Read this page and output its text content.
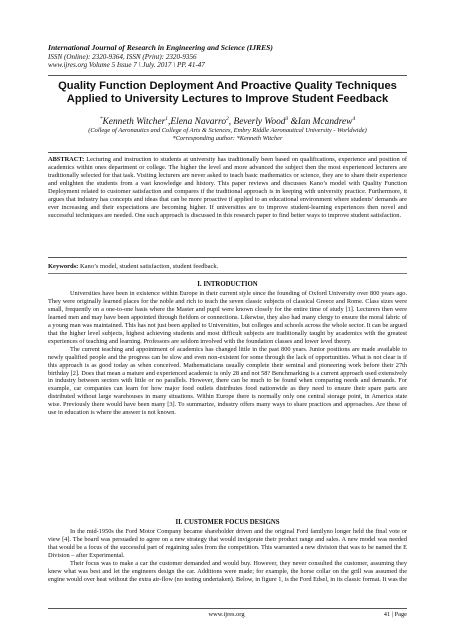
International Journal of Research in Engineering and Science (IJRES)
ISSN (Online): 2320-9364, ISSN (Print): 2320-9356
www.ijres.org Volume 5 Issue 7 \ July. 2017 \ PP. 41-47
Quality Function Deployment And Proactive Quality Techniques Applied to University Lectures to Improve Student Feedback
*Kenneth Witcher$^1$,Elena Navarro$^2$, Beverly Wood$^3$ &Ian Mcandrew$^4$
(College of Aeronautics and College of Arts & Sciences, Embry Riddle Aeronautical University - Worldwide)
*Corresponding author: *Kenneth Witcher
ABSTRACT: Lecturing and instruction to students at university has traditionally been based on qualifications, experience and position of academics within ones department or college. The higher the level and more advanced the subject then the most experienced lecturers are traditionally selected for that task. Visiting lecturers are never asked to teach basic mathematics or science, they are to share their experience and enlighten the students from a vast knowledge and history. This paper reviews and discusses Kano’s model with Quality Function Deployment related to customer satisfaction and compares if the traditional approach is in keeping with university practice. Furthermore, it argues that industry has concepts and ideas that can be more proactive if applied to an educational environment where students’ demands are ever increasing and their expectations are becoming higher. If universities are to improve student-learning experiences then novel and successful techniques are needed. One such approach is discussed in this research paper to find better ways to improve student satisfaction.
Keywords: Kano’s model, student satisfaction, student feedback.
I. INTRODUCTION

Universities have been in existence within Europe in their current style since the founding of Oxford University over 800 years ago. They were originally learned places for the noble and rich to teach the seven classic subjects of classical Greece and Rome. Class sizes were small, frequently on a one-to-one basis where the Master and pupil were known closely for the entire time of study [1]. Lecturers then were learned men and may have been appointed through fiefdom or connections. Likewise, they also had many clergy to ensure the moral fabric of a young man was maintained. This has not just been applied to Universities, but colleges and schools across the whole sector. It can be argued that the higher level subjects, highest achieving students and most difficult subjects are traditionally taught by academics with the greatest experiences of teaching and learning. Professors are seldom involved with the foundation classes and lower level theory.

The current teaching and appointment of academics has changed little in the past 800 years. Junior positions are made available to newly qualified people and the progress can be slow and even non-existent for some through the lack of opportunities. What is not clear is if this approach is as good today as when conceived. Mathematicians usually complete their seminal and pioneering work before their 27th birthday [2]. Does that mean a mature and experienced academic is only 28 and not 58? Benchmarking is a current approach used extensively in industry between sectors with little or no parallels. However, there can be much to be found when comparing needs and demands. For example, car companies can learn for how major food outlets distributes food nationwide as they need to ensure their spare parts are distributed without large warehouses in many situations. Within Europe there is normally only one central storage point, in America state wise. Previously there would have been many [3]. To summarize, industry offers many ways to share practices and approaches. Are these of use in education is where the answer is not known.

II. CUSTOMER FOCUS DESIGNS

In the mid-1950s the Ford Motor Company became shareholder driven and the original Ford familyno longer held the final vote or view [4]. The board was persuaded to agree on a new strategy that would invigorate their product range and sales. A new model was needed that would be a focus of the successful part of regaining sales from the competition. This warranted a new division that was to be named the E Division – after Experimental.

Their focus was to make a car the customer demanded and would buy. However, they never consulted the customer, assuming they knew what was best and let the engineers design the car. Additions were made; for example, the horse collar on the grill was assumed the engine would over heat without the extra air-flow (no testing undertaken). Below, in figure 1, is the Ford Edsel, in its classic format. It was the

www.ijres.org	41 | Page
